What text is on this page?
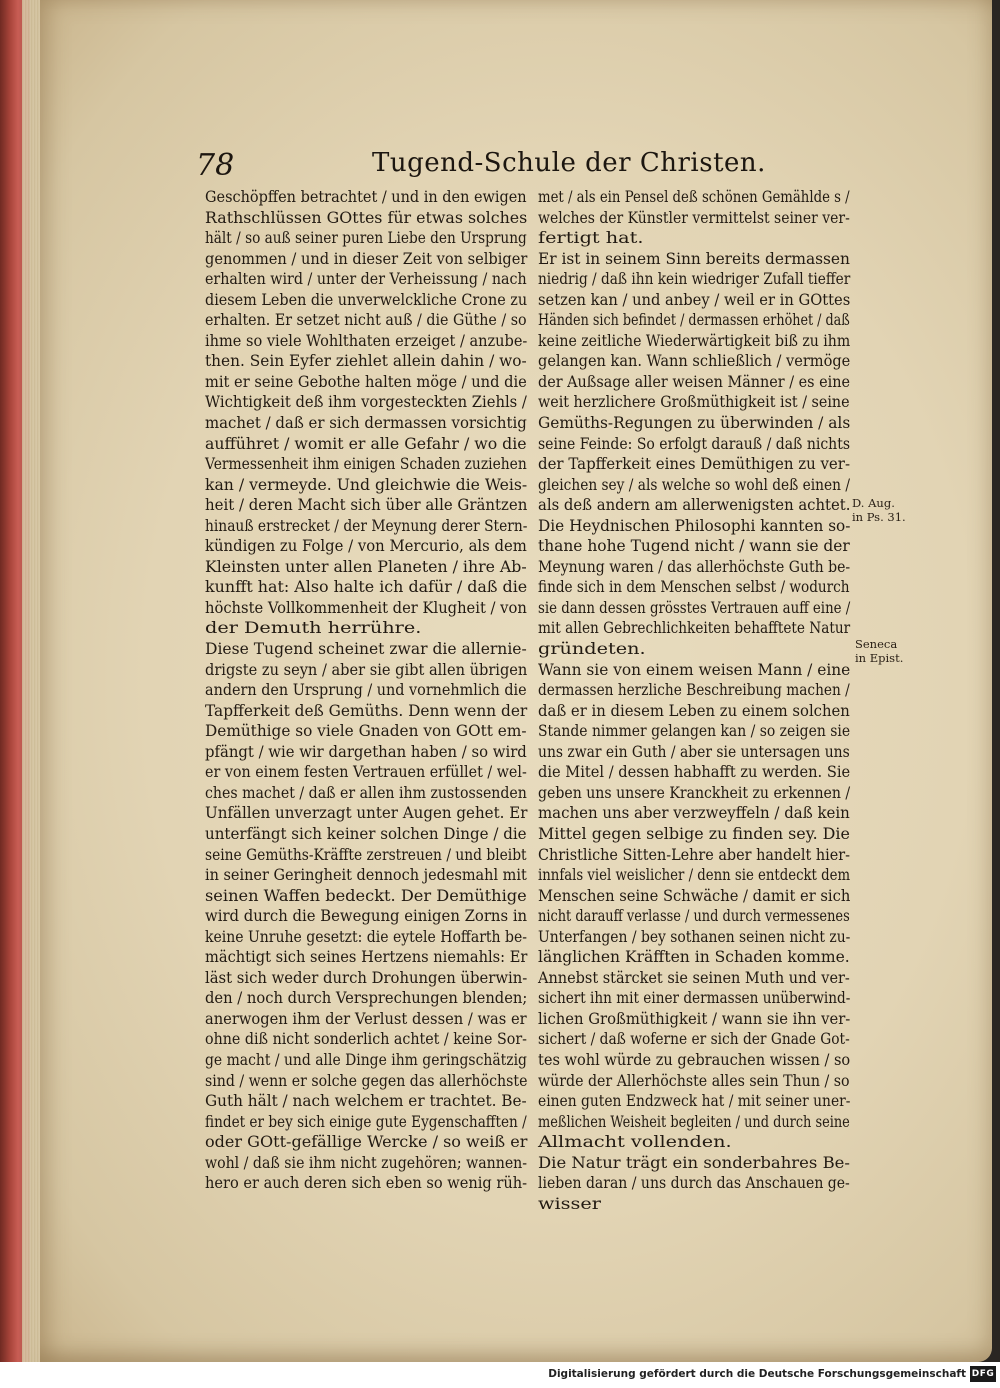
78	Tugend-Schule der Christen.
Geschöpffen betrachtet / und in den ewigen
Rathschlüssen GOttes für etwas solches
hält / so auß seiner puren Liebe den Ursprung
genommen / und in dieser Zeit von selbiger
erhalten wird / unter der Verheissung / nach
diesem Leben die unverwelckliche Crone zu
erhalten. Er setzet nicht auß / die Güthe / so
ihme so viele Wohlthaten erzeiget / anzube-
then. Sein Eyfer ziehlet allein dahin / wo-
mit er seine Gebothe halten möge / und die
Wichtigkeit deß ihm vorgesteckten Ziehls /
machet / daß er sich dermassen vorsichtig
aufführet / womit er alle Gefahr / wo die
Vermessenheit ihm einigen Schaden zuziehen
kan / vermeyde. Und gleichwie die Weis-
heit / deren Macht sich über alle Gräntzen
hinauß erstrecket / der Meynung derer Stern-
kündigen zu Folge / von Mercurio, als dem
Kleinsten unter allen Planeten / ihre Ab-
kunfft hat: Also halte ich dafür / daß die
höchste Vollkommenheit der Klugheit / von
der Demuth herrühre.
Diese Tugend scheinet zwar die allernie-
drigste zu seyn / aber sie gibt allen übrigen
andern den Ursprung / und vornehmlich die
Tapfferkeit deß Gemüths. Denn wenn der
Demüthige so viele Gnaden von GOtt em-
pfängt / wie wir dargethan haben / so wird
er von einem festen Vertrauen erfüllet / wel-
ches machet / daß er allen ihm zustossenden
Unfällen unverzagt unter Augen gehet. Er
unterfängt sich keiner solchen Dinge / die
seine Gemüths-Kräffte zerstreuen / und bleibt
in seiner Geringheit dennoch jedesmahl mit
seinen Waffen bedeckt. Der Demüthige
wird durch die Bewegung einigen Zorns in
keine Unruhe gesetzt: die eytele Hoffarth be-
mächtigt sich seines Hertzens niemahls: Er
läst sich weder durch Drohungen überwin-
den / noch durch Versprechungen blenden;
anerwogen ihm der Verlust dessen / was er
ohne diß nicht sonderlich achtet / keine Sor-
ge macht / und alle Dinge ihm geringschätzig
sind / wenn er solche gegen das allerhöchste
Guth hält / nach welchem er trachtet. Be-
findet er bey sich einige gute Eygenschafften /
oder GOtt-gefällige Wercke / so weiß er
wohl / daß sie ihm nicht zugehören; wannen-
hero er auch deren sich eben so wenig rüh-
met / als ein Pensel deß schönen Gemählde s /
welches der Künstler vermittelst seiner ver-
fertigt hat.
Er ist in seinem Sinn bereits dermassen
niedrig / daß ihn kein wiedriger Zufall tieffer
setzen kan / und anbey / weil er in GOttes
Händen sich befindet / dermassen erhöhet / daß
keine zeitliche Wiederwärtigkeit biß zu ihm
gelangen kan. Wann schließlich / vermöge
der Außsage aller weisen Männer / es eine
weit herzlichere Großmüthigkeit ist / seine
Gemüths-Regungen zu überwinden / als
seine Feinde: So erfolgt darauß / daß nichts
der Tapfferkeit eines Demüthigen zu ver-
gleichen sey / als welche so wohl deß einen /
als deß andern am allerwenigsten achtet.
Die Heydnischen Philosophi kannten so-
thane hohe Tugend nicht / wann sie der
Meynung waren / das allerhöchste Guth be-
finde sich in dem Menschen selbst / wodurch
sie dann dessen grösstes Vertrauen auff eine /
mit allen Gebrechlichkeiten behafftete Natur
gründeten.
Wann sie von einem weisen Mann / eine
dermassen herzliche Beschreibung machen /
daß er in diesem Leben zu einem solchen
Stande nimmer gelangen kan / so zeigen sie
uns zwar ein Guth / aber sie untersagen uns
die Mitel / dessen habhafft zu werden. Sie
geben uns unsere Kranckheit zu erkennen /
machen uns aber verzweyffeln / daß kein
Mittel gegen selbige zu finden sey. Die
Christliche Sitten-Lehre aber handelt hier-
innfals viel weislicher / denn sie entdeckt dem
Menschen seine Schwäche / damit er sich
nicht darauff verlasse / und durch vermessenes
Unterfangen / bey sothanen seinen nicht zu-
länglichen Kräfften in Schaden komme.
Annebst stärcket sie seinen Muth und ver-
sichert ihn mit einer dermassen unüberwind-
lichen Großmüthigkeit / wann sie ihn ver-
sichert / daß woferne er sich der Gnade Got-
tes wohl würde zu gebrauchen wissen / so
würde der Allerhöchste alles sein Thun / so
einen guten Endzweck hat / mit seiner uner-
meßlichen Weisheit begleiten / und durch seine
Allmacht vollenden.
Die Natur trägt ein sonderbahres Be-
lieben daran / uns durch das Anschauen ge-
wisser
D. Aug.
in Ps. 31.
Seneca
in Epist.
Digitalisierung gefördert durch die Deutsche Forschungsgemeinschaft DFG
